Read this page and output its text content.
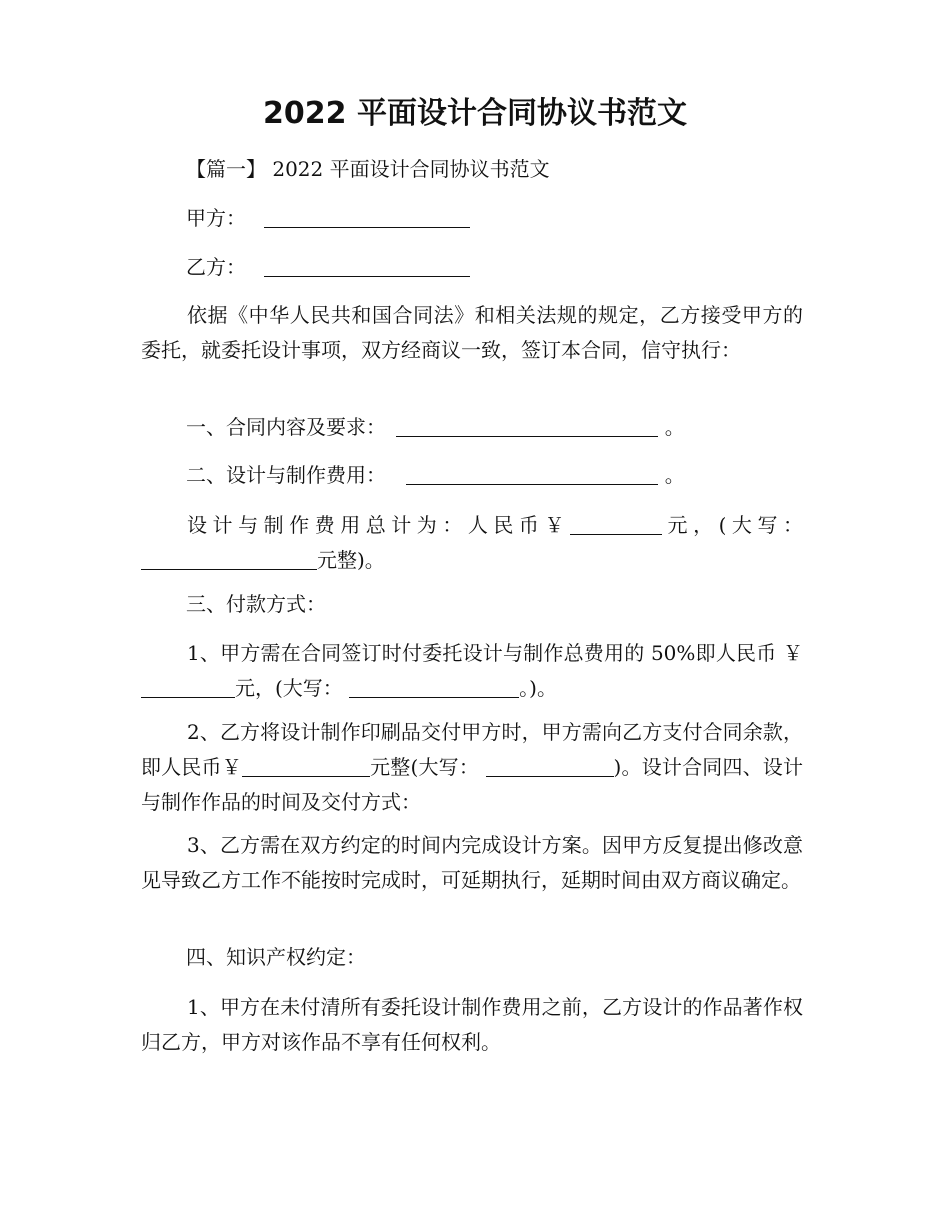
2022 平面设计合同协议书范文
【篇一】 2022 平面设计合同协议书范文
甲方：
乙方：
依据《中华人民共和国合同法》和相关法规的规定，乙方接受甲方的委托，就委托设计事项，双方经商议一致，签订本合同，信守执行：
一、合同内容及要求：	。
二、设计与制作费用：	。
设计与制作费用总计为：人民币￥	元，(大写：元整)。
三、付款方式：
1、甲方需在合同签订时付委托设计与制作总费用的 50%即人民币 ￥ 元，(大写：	。)。
2、乙方将设计制作印刷品交付甲方时，甲方需向乙方支付合同余款，即人民币￥	元整(大写：	)。设计合同四、设计与制作作品的时间及交付方式：
3、乙方需在双方约定的时间内完成设计方案。因甲方反复提出修改意见导致乙方工作不能按时完成时，可延期执行，延期时间由双方商议确定。
四、知识产权约定：
1、甲方在未付清所有委托设计制作费用之前，乙方设计的作品著作权归乙方，甲方对该作品不享有任何权利。
